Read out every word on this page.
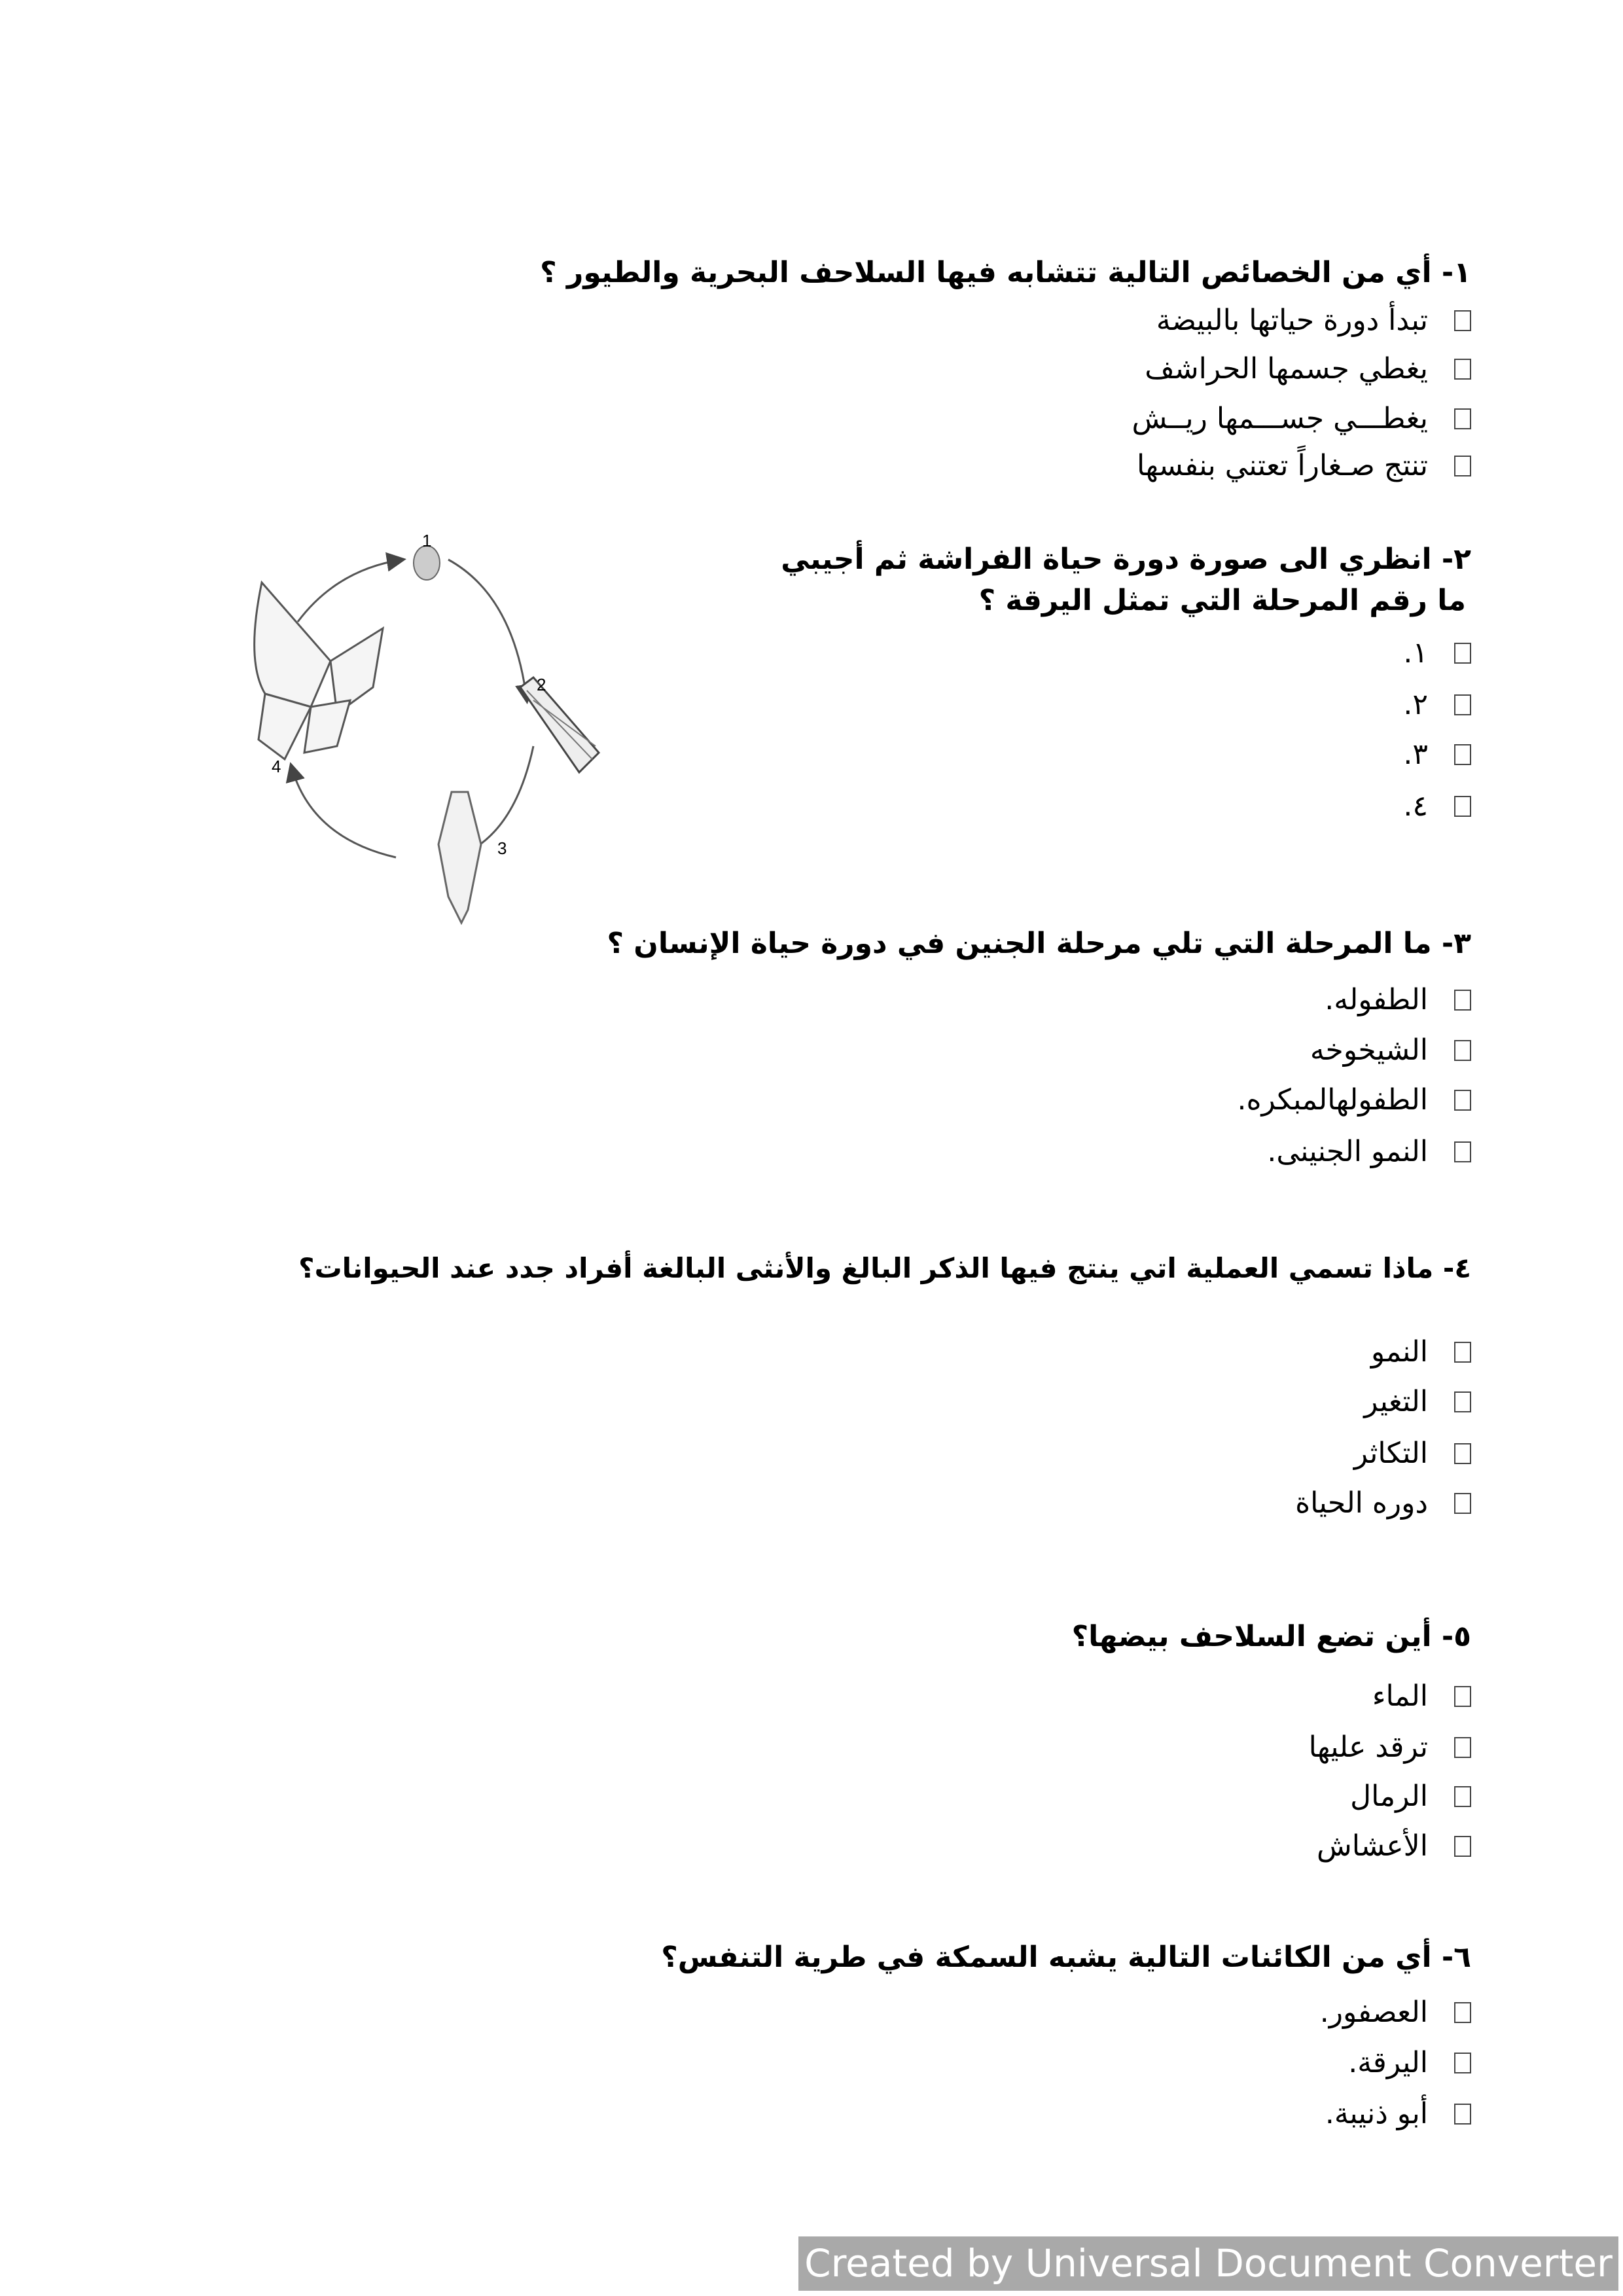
١- أي من الخصائص التالية تتشابه فيها السلاحف البحرية والطيور ؟
تبدأ دورة حياتها بالبيضة
يغطي جسمها الحراشف
يغطـــي جســـمها ريــش
تنتج صـغاراً تعتني بنفسها
٢- انظري الى صورة دورة حياة الفراشة ثم أجيبي
ما رقم المرحلة التي تمثل اليرقة ؟
١.
٢.
٣.
٤.
1
2
3
4
٣- ما المرحلة التي تلي مرحلة الجنين في دورة حياة الإنسان ؟
الطفوله.
الشيخوخه
الطفولهالمبكره.
النمو الجنينى.
٤- ماذا تسمي العملية اتي ينتج فيها الذكر البالغ والأنثى البالغة أفراد جدد عند الحيوانات؟
النمو
التغير
التكاثر
دوره الحياة
٥- أين تضع السلاحف بيضها؟
الماء
ترقد عليها
الرمال
الأعشاش
٦- أي من الكائنات التالية يشبه السمكة في طرية التنفس؟
العصفور.
اليرقة.
أبو ذنيبة.
Created by Universal Document Converter
